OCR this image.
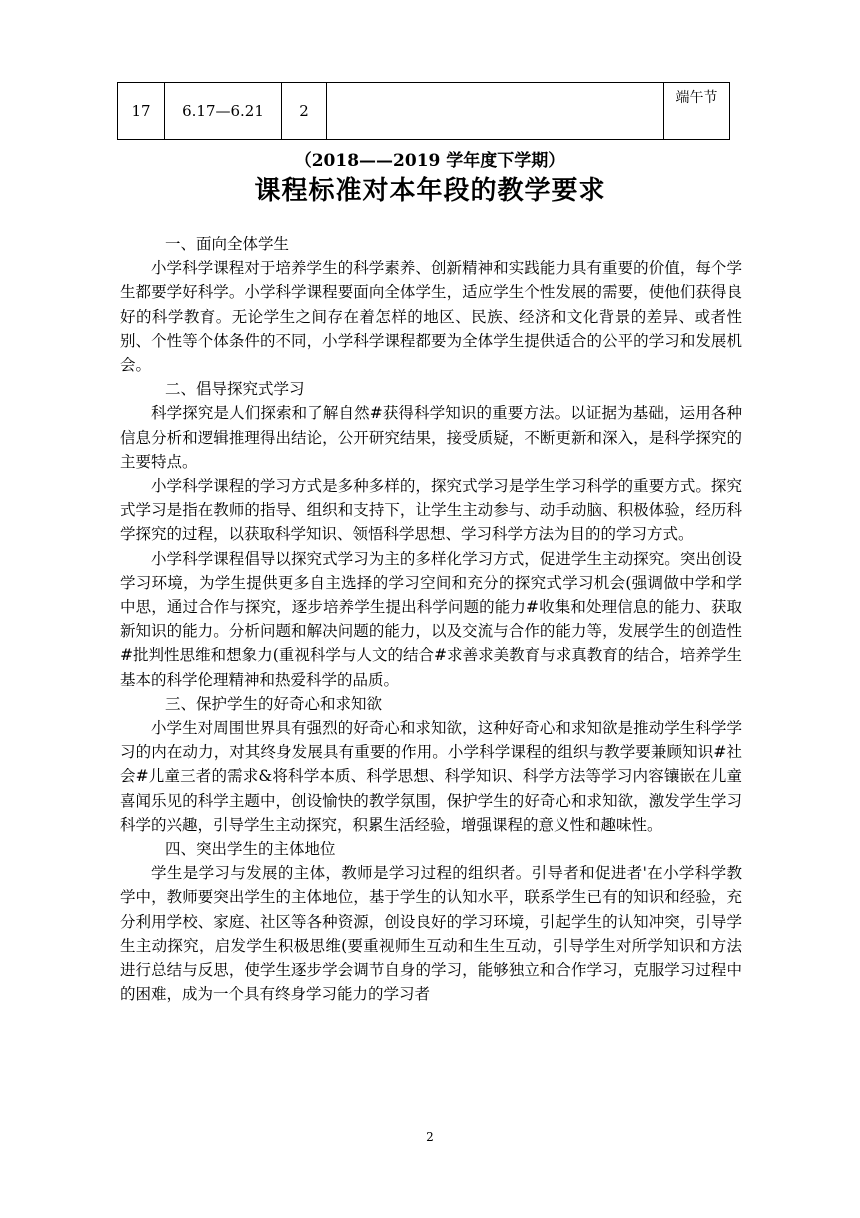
17	6.17—6.21	2		端午节
（2018——2019 学年度下学期）
课程标准对本年段的教学要求

一、面向全体学生

小学科学课程对于培养学生的科学素养、创新精神和实践能力具有重要的价值，每个学生都要学好科学。小学科学课程要面向全体学生，适应学生个性发展的需要，使他们获得良好的科学教育。无论学生之间存在着怎样的地区、民族、经济和文化背景的差异、或者性别、个性等个体条件的不同，小学科学课程都要为全体学生提供适合的公平的学习和发展机会。

二、倡导探究式学习

科学探究是人们探索和了解自然#获得科学知识的重要方法。以证据为基础，运用各种信息分析和逻辑推理得出结论，公开研究结果，接受质疑，不断更新和深入，是科学探究的主要特点。

小学科学课程的学习方式是多种多样的，探究式学习是学生学习科学的重要方式。探究式学习是指在教师的指导、组织和支持下，让学生主动参与、动手动脑、积极体验，经历科学探究的过程，以获取科学知识、领悟科学思想、学习科学方法为目的的学习方式。

小学科学课程倡导以探究式学习为主的多样化学习方式，促进学生主动探究。突出创设学习环境，为学生提供更多自主选择的学习空间和充分的探究式学习机会(强调做中学和学中思，通过合作与探究，逐步培养学生提出科学问题的能力#收集和处理信息的能力、获取新知识的能力。分析问题和解决问题的能力，以及交流与合作的能力等，发展学生的创造性#批判性思维和想象力(重视科学与人文的结合#求善求美教育与求真教育的结合，培养学生基本的科学伦理精神和热爱科学的品质。

三、保护学生的好奇心和求知欲

小学生对周围世界具有强烈的好奇心和求知欲，这种好奇心和求知欲是推动学生科学学习的内在动力，对其终身发展具有重要的作用。小学科学课程的组织与教学要兼顾知识#社会#儿童三者的需求&将科学本质、科学思想、科学知识、科学方法等学习内容镶嵌在儿童喜闻乐见的科学主题中，创设愉快的教学氛围，保护学生的好奇心和求知欲，激发学生学习科学的兴趣，引导学生主动探究，积累生活经验，增强课程的意义性和趣味性。

四、突出学生的主体地位

学生是学习与发展的主体，教师是学习过程的组织者。引导者和促进者'在小学科学教学中，教师要突出学生的主体地位，基于学生的认知水平，联系学生已有的知识和经验，充分利用学校、家庭、社区等各种资源，创设良好的学习环境，引起学生的认知冲突，引导学生主动探究，启发学生积极思维(要重视师生互动和生生互动，引导学生对所学知识和方法进行总结与反思，使学生逐步学会调节自身的学习，能够独立和合作学习，克服学习过程中的困难，成为一个具有终身学习能力的学习者

2
